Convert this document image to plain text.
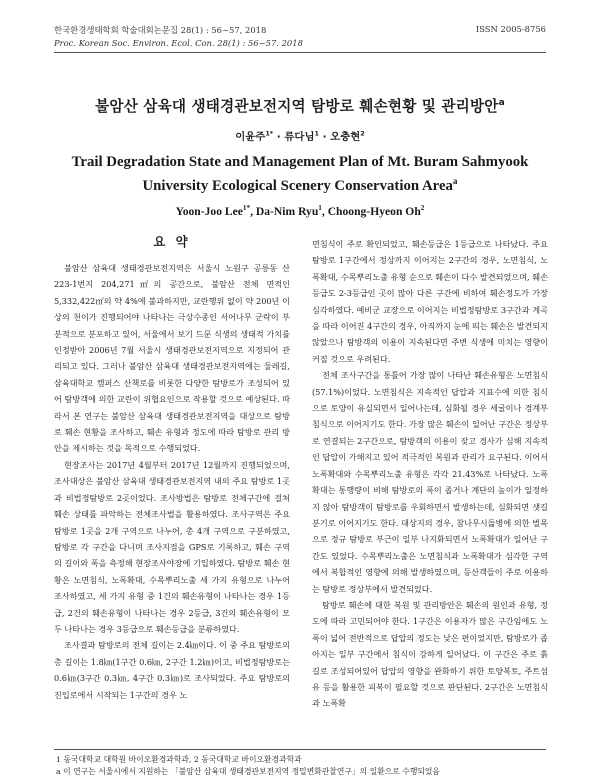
한국환경생태학회 학술대회논문집 28(1) : 56~57, 2018
Proc. Korean Soc. Environ. Ecol. Con. 28(1) : 56~57. 2018
ISSN 2005-8756
불암산 삼육대 생태경관보전지역 탐방로 훼손현황 및 관리방안$^a$
이윤주$^{1*}$ · 류다님$^1$ · 오충현$^2$
Trail Degradation State and Management Plan of Mt. Buram Sahmyook University Ecological Scenery Conservation Area$^a$
Yoon-Joo Lee$^{1*}$, Da-Nim Ryu$^1$, Choong-Hyeon Oh$^2$
요 약

불암산 삼육대 생태경관보전지역은 서울시 노원구 공릉동 산 223-1번지 204,271㎡의 공간으로, 불암산 전체 면적인 5,332,422㎡의 약 4%에 불과하지만, 교란행위 없이 약 200년 이상의 천이가 진행되어야 나타나는 극상수종인 서어나무 군락이 부분적으로 분포하고 있어, 서울에서 보기 드문 식생의 생태적 가치를 인정받아 2006년 7월 서울시 생태경관보전지역으로 지정되어 관리되고 있다. 그러나 불암산 삼육대 생태경관보전지역에는 둘레길, 삼육대학교 캠퍼스 산책로를 비롯한 다양한 탐방로가 조성되어 있어 탐방객에 의한 교란이 위협요인으로 작용할 것으로 예상된다. 따라서 본 연구는 불암산 삼육대 생태경관보전지역을 대상으로 탐방로 훼손 현황을 조사하고, 훼손 유형과 정도에 따라 탐방로 관리 방안을 제시하는 것을 목적으로 수행되었다.

현장조사는 2017년 4월부터 2017년 12월까지 진행되었으며, 조사대상은 불암산 삼육대 생태경관보전지역 내의 주요 탐방로 1곳과 비법정탐방로 2곳이었다. 조사방법은 탐방로 전체구간에 걸쳐 훼손 상태를 파악하는 전체조사법을 활용하였다. 조사구역은 주요 탐방로 1곳을 2개 구역으로 나누어, 총 4개 구역으로 구분하였고, 탐방로 각 구간을 다니며 조사지점을 GPS로 기록하고, 훼손 구역의 길이와 폭을 측정해 현장조사야장에 기입하였다. 탐방로 훼손 현황은 노면침식, 노폭확대, 수목뿌리노출 세 가지 유형으로 나누어 조사하였고, 세 가지 유형 중 1건의 훼손유형이 나타나는 경우 1등급, 2건의 훼손유형이 나타나는 경우 2등급, 3건의 훼손유형이 모두 나타나는 경우 3등급으로 훼손등급을 분류하였다.

조사결과 탐방로의 전체 길이는 2.4㎞이다. 이 중 주요 탐방로의 총 길이는 1.8㎞(1구간 0.6㎞, 2구간 1.2㎞)이고, 비법정탐방로는 0.6㎞(3구간 0.3㎞, 4구간 0.3㎞)로 조사되었다. 주요 탐방로의 진입로에서 시작되는 1구간의 경우 노

면침식이 주로 확인되었고, 훼손등급은 1등급으로 나타났다. 주요 탐방로 1구간에서 정상까지 이어지는 2구간의 경우, 노면침식, 노폭확대, 수목뿌리노출 유형 순으로 훼손이 다수 발견되었으며, 훼손등급도 2-3등급인 곳이 많아 다른 구간에 비하여 훼손정도가 가장 심각하였다. 예비군 교장으로 이어지는 비법정탐방로 3구간과 계곡을 따라 이어진 4구간의 경우, 아직까지 눈에 띄는 훼손은 발견되지 않았으나 탐방객의 이용이 지속된다면 주변 식생에 미치는 영향이 커질 것으로 우려된다.

전체 조사구간을 통틀어 가장 많이 나타난 훼손유형은 노면침식(57.1%)이었다. 노면침식은 지속적인 답압과 지표수에 의한 침식으로 토양이 유실되면서 일어나는데, 심화될 경우 세굴이나 경계부 침식으로 이어지기도 한다. 가장 많은 훼손이 일어난 구간은 정상부로 연결되는 2구간으로, 탐방객의 이용이 잦고 경사가 심해 지속적인 답압이 가해지고 있어 적극적인 복원과 관리가 요구된다. 이어서 노폭확대와 수목뿌리노출 유형은 각각 21.43%로 나타났다. 노폭확대는 통행량이 비해 탐방로의 폭이 좁거나 계단의 높이가 일정하지 않아 탐방객이 탐방로를 우회하면서 발생하는데, 심화되면 샛길분기로 이어지기도 한다. 대상지의 경우, 참나무시듦병에 의한 벌목으로 정규 탐방로 부근이 일부 나지화되면서 노폭확대가 일어난 구간도 있었다. 수목뿌리노출은 노면침식과 노폭확대가 심각한 구역에서 복합적인 영향에 의해 발생하였으며, 등산객들이 주로 이용하는 탐방로 정상부에서 발견되었다.

탐방로 훼손에 대한 복원 및 관리방안은 훼손의 원인과 유형, 정도에 따라 고민되어야 한다. 1구간은 이용자가 많은 구간임에도 노폭이 넓어 전반적으로 답압의 정도는 낮은 편이었지만, 탐방로가 좁아지는 일부 구간에서 침식이 강하게 일어났다. 이 구간은 주로 흙길로 조성되어있어 답압의 영향을 완화하기 위한 토양복토, 주트섬유 등을 활용한 피복이 필요할 것으로 판단된다. 2구간은 노면침식과 노폭확

1 동국대학교 대학원 바이오환경과학과, 2 동국대학교 바이오환경과학과
a 이 연구는 서울시에서 지원하는 「불암산 삼육대 생태경관보전지역 정밀변화관찰연구」의 일환으로 수행되었음
